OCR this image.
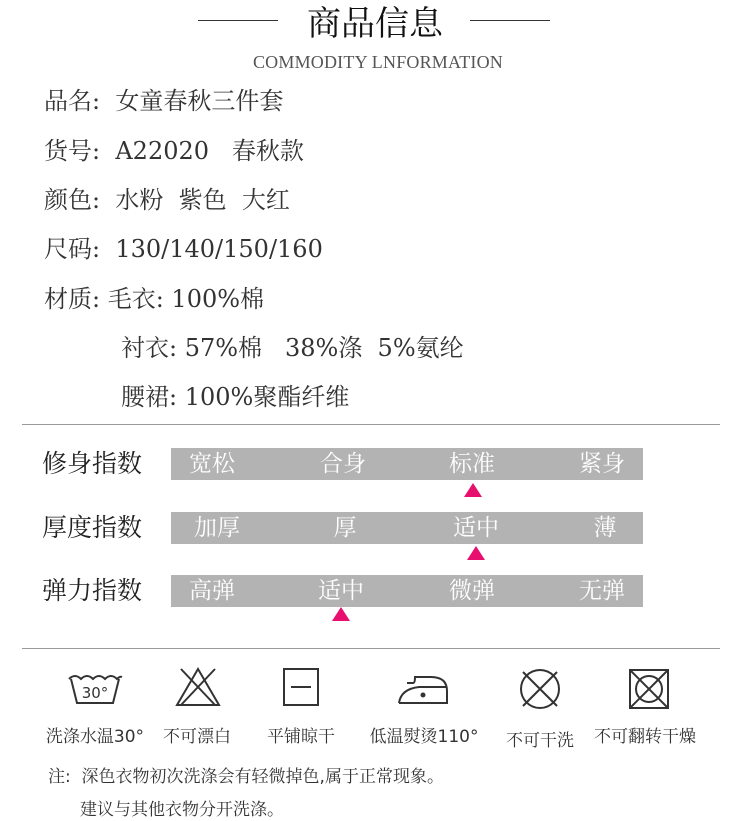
商品信息
COMMODITY LNFORMATION
品名:  女童春秋三件套
货号:  A22020   春秋款
颜色:  水粉  紫色  大红
尺码:  130/140/150/160
材质: 毛衣: 100%棉
衬衣: 57%棉   38%涤  5%氨纶
腰裙: 100%聚酯纤维
修身指数 宽松	合身	标准	紧身
厚度指数 加厚	厚	适中	薄
弹力指数 高弹	适中	微弹	无弹
30°
洗涤水温30° 不可漂白 平铺晾干 低温熨烫110° 不可干洗 不可翻转干燥
注:  深色衣物初次洗涤会有轻微掉色,属于正常现象。
建议与其他衣物分开洗涤。
